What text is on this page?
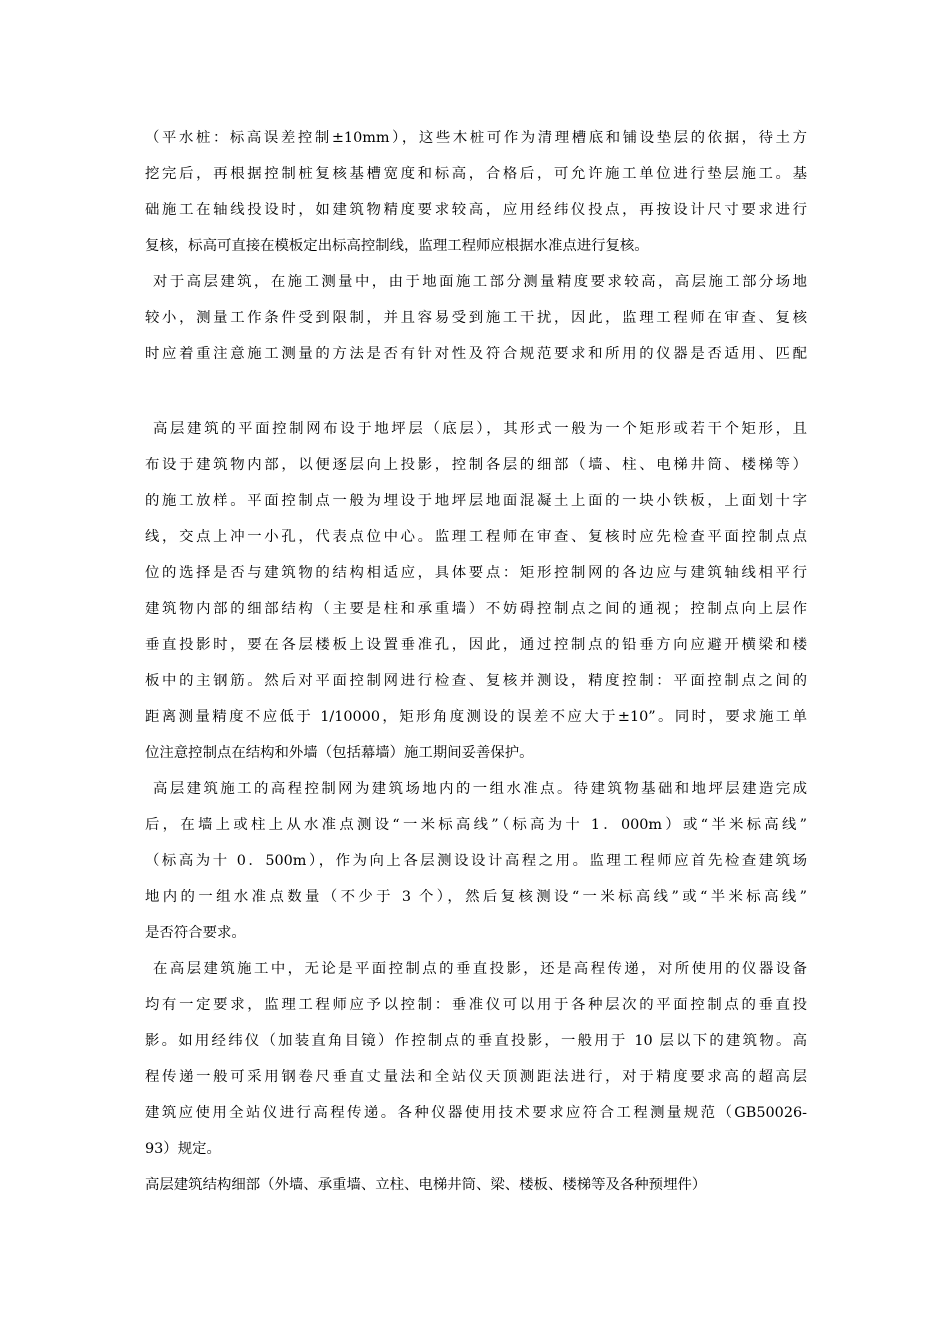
（平水桩：标高误差控制±10mm），这些木桩可作为清理槽底和铺设垫层的依据，待土方
挖完后，再根据控制桩复核基槽宽度和标高，合格后，可允许施工单位进行垫层施工。基
础施工在轴线投设时，如建筑物精度要求较高，应用经纬仪投点，再按设计尺寸要求进行
复核，标高可直接在模板定出标高控制线，监理工程师应根据水准点进行复核。
对于高层建筑，在施工测量中，由于地面施工部分测量精度要求较高，高层施工部分场地
较小，测量工作条件受到限制，并且容易受到施工干扰，因此，监理工程师在审查、复核
时应着重注意施工测量的方法是否有针对性及符合规范要求和所用的仪器是否适用、匹配
高层建筑的平面控制网布设于地坪层（底层），其形式一般为一个矩形或若干个矩形，且
布设于建筑物内部，以便逐层向上投影，控制各层的细部（墙、柱、电梯井筒、楼梯等）
的施工放样。平面控制点一般为埋设于地坪层地面混凝土上面的一块小铁板，上面划十字
线，交点上冲一小孔，代表点位中心。监理工程师在审查、复核时应先检查平面控制点点
位的选择是否与建筑物的结构相适应，具体要点：矩形控制网的各边应与建筑轴线相平行
建筑物内部的细部结构（主要是柱和承重墙）不妨碍控制点之间的通视；控制点向上层作
垂直投影时，要在各层楼板上设置垂准孔，因此，通过控制点的铅垂方向应避开横梁和楼
板中的主钢筋。然后对平面控制网进行检查、复核并测设，精度控制：平面控制点之间的
距离测量精度不应低于 1/10000，矩形角度测设的误差不应大于±10”。同时，要求施工单
位注意控制点在结构和外墙（包括幕墙）施工期间妥善保护。
高层建筑施工的高程控制网为建筑场地内的一组水准点。待建筑物基础和地坪层建造完成
后，在墙上或柱上从水准点测设“一米标高线”（标高为十 1．000m）或“半米标高线”
（标高为十 0．500m），作为向上各层测设设计高程之用。监理工程师应首先检查建筑场
地内的一组水准点数量（不少于 3 个），然后复核测设“一米标高线”或“半米标高线”
是否符合要求。
在高层建筑施工中，无论是平面控制点的垂直投影，还是高程传递，对所使用的仪器设备
均有一定要求，监理工程师应予以控制：垂准仪可以用于各种层次的平面控制点的垂直投
影。如用经纬仪（加装直角目镜）作控制点的垂直投影，一般用于 10 层以下的建筑物。高
程传递一般可采用钢卷尺垂直丈量法和全站仪天顶测距法进行，对于精度要求高的超高层
建筑应使用全站仪进行高程传递。各种仪器使用技术要求应符合工程测量规范（GB50026-
93）规定。
高层建筑结构细部（外墙、承重墙、立柱、电梯井筒、梁、楼板、楼梯等及各种预埋件）
